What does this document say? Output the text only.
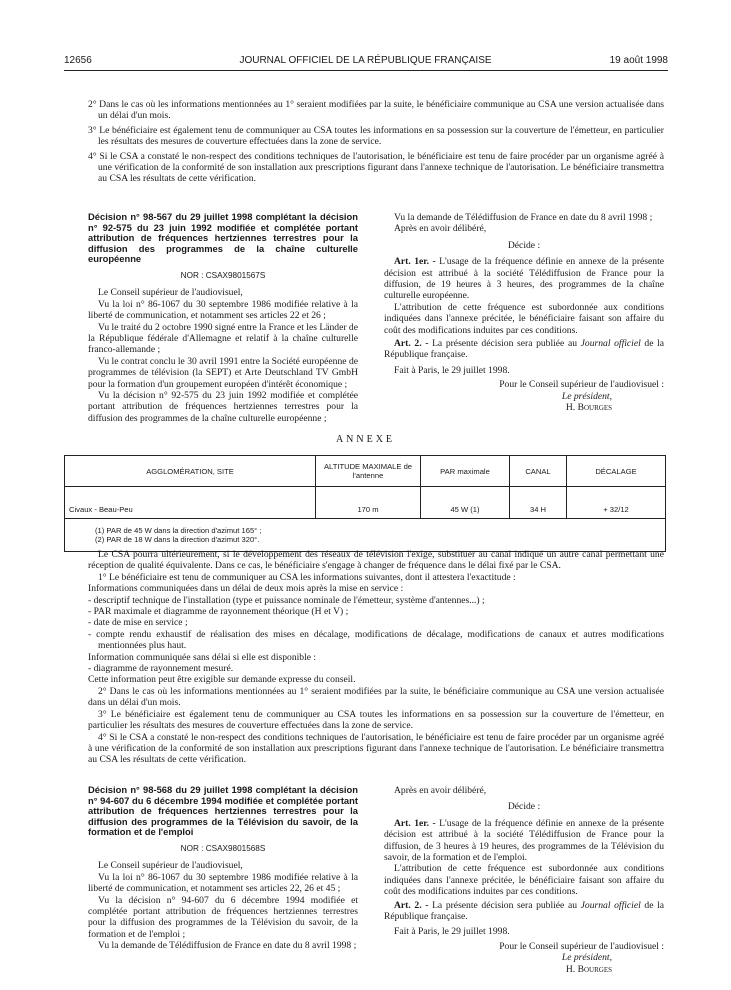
12656	JOURNAL OFFICIEL DE LA RÉPUBLIQUE FRANÇAISE	19 août 1998

2° Dans le cas où les informations mentionnées au 1° seraient modifiées par la suite, le bénéficiaire communique au CSA une version actualisée dans un délai d'un mois.

3° Le bénéficiaire est également tenu de communiquer au CSA toutes les informations en sa possession sur la couverture de l'émetteur, en particulier les résultats des mesures de couverture effectuées dans la zone de service.

4° Si le CSA a constaté le non-respect des conditions techniques de l'autorisation, le bénéficiaire est tenu de faire procéder par un organisme agréé à une vérification de la conformité de son installation aux prescriptions figurant dans l'annexe technique de l'autorisation. Le bénéficiaire transmettra au CSA les résultats de cette vérification.

Décision n° 98-567 du 29 juillet 1998 complétant la décision n° 92-575 du 23 juin 1992 modifiée et complétée portant attribution de fréquences hertziennes terrestres pour la diffusion des programmes de la chaîne culturelle européenne

NOR : CSAX9801567S

Le Conseil supérieur de l'audiovisuel,

Vu la loi n° 86-1067 du 30 septembre 1986 modifiée relative à la liberté de communication, et notamment ses articles 22 et 26 ;

Vu le traité du 2 octobre 1990 signé entre la France et les Länder de la République fédérale d'Allemagne et relatif à la chaîne culturelle franco-allemande ;

Vu le contrat conclu le 30 avril 1991 entre la Société européenne de programmes de télévision (la SEPT) et Arte Deutschland TV GmbH pour la formation d'un groupement européen d'intérêt économique ;

Vu la décision n° 92-575 du 23 juin 1992 modifiée et complétée portant attribution de fréquences hertziennes terrestres pour la diffusion des programmes de la chaîne culturelle européenne ;

Vu la demande de Télédiffusion de France en date du 8 avril 1998 ;

Après en avoir délibéré,

Décide :

Art. 1er. - L'usage de la fréquence définie en annexe de la présente décision est attribué à la société Télédiffusion de France pour la diffusion, de 19 heures à 3 heures, des programmes de la chaîne culturelle européenne.

L'attribution de cette fréquence est subordonnée aux conditions indiquées dans l'annexe précitée, le bénéficiaire faisant son affaire du coût des modifications induites par ces conditions.

Art. 2. - La présente décision sera publiée au Journal officiel de la République française.

Fait à Paris, le 29 juillet 1998.

Pour le Conseil supérieur de l'audiovisuel :

Le président,

H. Bourges

ANNEXE
AGGLOMÉRATION, SITE	ALTITUDE MAXIMALE de l'antenne	PAR maximale	CANAL	DÉCALAGE
Civaux - Beau-Peu	170 m	45 W (1)	34 H	+ 32/12

(1) PAR de 45 W dans la direction d'azimut 165° ;
(2) PAR de 18 W dans la direction d'azimut 320°.				

Le CSA pourra ultérieurement, si le développement des réseaux de télévision l'exige, substituer au canal indiqué un autre canal permettant une réception de qualité équivalente. Dans ce cas, le bénéficiaire s'engage à changer de fréquence dans le délai fixé par le CSA.

1° Le bénéficiaire est tenu de communiquer au CSA les informations suivantes, dont il attestera l'exactitude :

Informations communiquées dans un délai de deux mois après la mise en service :

- descriptif technique de l'installation (type et puissance nominale de l'émetteur, système d'antennes...) ;

- PAR maximale et diagramme de rayonnement théorique (H et V) ;

- date de mise en service ;

- compte rendu exhaustif de réalisation des mises en décalage, modifications de décalage, modifications de canaux et autres modifications mentionnées plus haut.

Information communiquée sans délai si elle est disponible :

- diagramme de rayonnement mesuré.

Cette information peut être exigible sur demande expresse du conseil.

2° Dans le cas où les informations mentionnées au 1° seraient modifiées par la suite, le bénéficiaire communique au CSA une version actualisée dans un délai d'un mois.

3° Le bénéficiaire est également tenu de communiquer au CSA toutes les informations en sa possession sur la couverture de l'émetteur, en particulier les résultats des mesures de couverture effectuées dans la zone de service.

4° Si le CSA a constaté le non-respect des conditions techniques de l'autorisation, le bénéficiaire est tenu de faire procéder par un organisme agréé à une vérification de la conformité de son installation aux prescriptions figurant dans l'annexe technique de l'autorisation. Le bénéficiaire transmettra au CSA les résultats de cette vérification.

Décision n° 98-568 du 29 juillet 1998 complétant la décision n° 94-607 du 6 décembre 1994 modifiée et complétée portant attribution de fréquences hertziennes terrestres pour la diffusion des programmes de la Télévision du savoir, de la formation et de l'emploi

NOR : CSAX9801568S

Le Conseil supérieur de l'audiovisuel,

Vu la loi n° 86-1067 du 30 septembre 1986 modifiée relative à la liberté de communication, et notamment ses articles 22, 26 et 45 ;

Vu la décision n° 94-607 du 6 décembre 1994 modifiée et complétée portant attribution de fréquences hertziennes terrestres pour la diffusion des programmes de la Télévision du savoir, de la formation et de l'emploi ;

Vu la demande de Télédiffusion de France en date du 8 avril 1998 ;

Après en avoir délibéré,

Décide :

Art. 1er. - L'usage de la fréquence définie en annexe de la présente décision est attribué à la société Télédiffusion de France pour la diffusion, de 3 heures à 19 heures, des programmes de la Télévision du savoir, de la formation et de l'emploi.

L'attribution de cette fréquence est subordonnée aux conditions indiquées dans l'annexe précitée, le bénéficiaire faisant son affaire du coût des modifications induites par ces conditions.

Art. 2. - La présente décision sera publiée au Journal officiel de la République française.

Fait à Paris, le 29 juillet 1998.

Pour le Conseil supérieur de l'audiovisuel :

Le président,

H. Bourges
